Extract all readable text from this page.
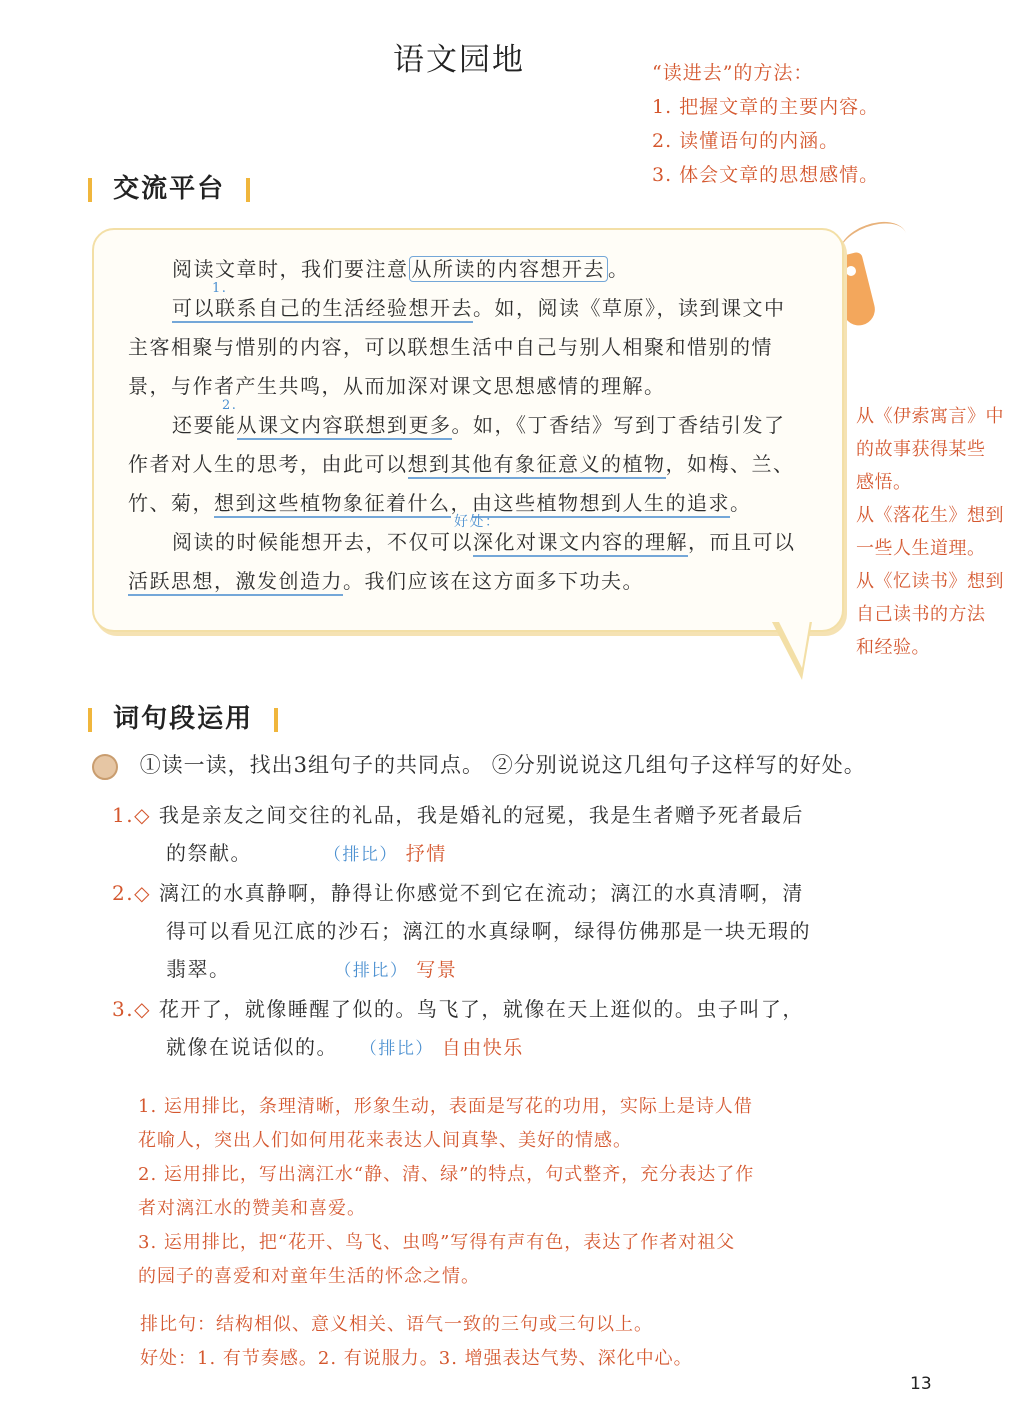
语文园地	“读进去”的方法：
1. 把握文章的主要内容。
2. 读懂语句的内涵。
3. 体会文章的思想感情。
交流平台
阅读文章时，我们要注意 从所读的内容想开去 。
1.
可以联系自己的生活经验想开去。如，阅读《草原》，读到课文中
主客相聚与惜别的内容，可以联想生活中自己与别人相聚和惜别的情
景，与作者产生共鸣，从而加深对课文思想感情的理解。
2.
还要能从课文内容联想到更多。如，《丁香结》写到丁香结引发了
作者对人生的思考，由此可以想到其他有象征意义的植物，如梅、兰、
竹、菊，想到这些植物象征着什么，由这些植物想到人生的追求。
好处：
阅读的时候能想开去，不仅可以深化对课文内容的理解，而且可以
活跃思想，激发创造力。我们应该在这方面多下功夫。
从《伊索寓言》中
的故事获得某些
感悟。
从《落花生》想到
一些人生道理。
从《忆读书》想到
自己读书的方法
和经验。
词句段运用
①读一读，找出3组句子的共同点。 ②分别说说这几组句子这样写的好处。
1.◇ 我是亲友之间交往的礼品，我是婚礼的冠冕，我是生者赠予死者最后
的祭献。	（排比） 抒情
2.◇ 漓江的水真静啊，静得让你感觉不到它在流动；漓江的水真清啊，清
得可以看见江底的沙石；漓江的水真绿啊，绿得仿佛那是一块无瑕的
翡翠。	（排比） 写景
3.◇ 花开了，就像睡醒了似的。鸟飞了，就像在天上逛似的。虫子叫了，
就像在说话似的。 （排比） 自由快乐
1. 运用排比，条理清晰，形象生动，表面是写花的功用，实际上是诗人借
花喻人，突出人们如何用花来表达人间真挚、美好的情感。
2. 运用排比，写出漓江水“静、清、绿”的特点，句式整齐，充分表达了作
者对漓江水的赞美和喜爱。
3. 运用排比，把“花开、鸟飞、虫鸣”写得有声有色，表达了作者对祖父
的园子的喜爱和对童年生活的怀念之情。
排比句：结构相似、意义相关、语气一致的三句或三句以上。
好处：1. 有节奏感。2. 有说服力。3. 增强表达气势、深化中心。
13
